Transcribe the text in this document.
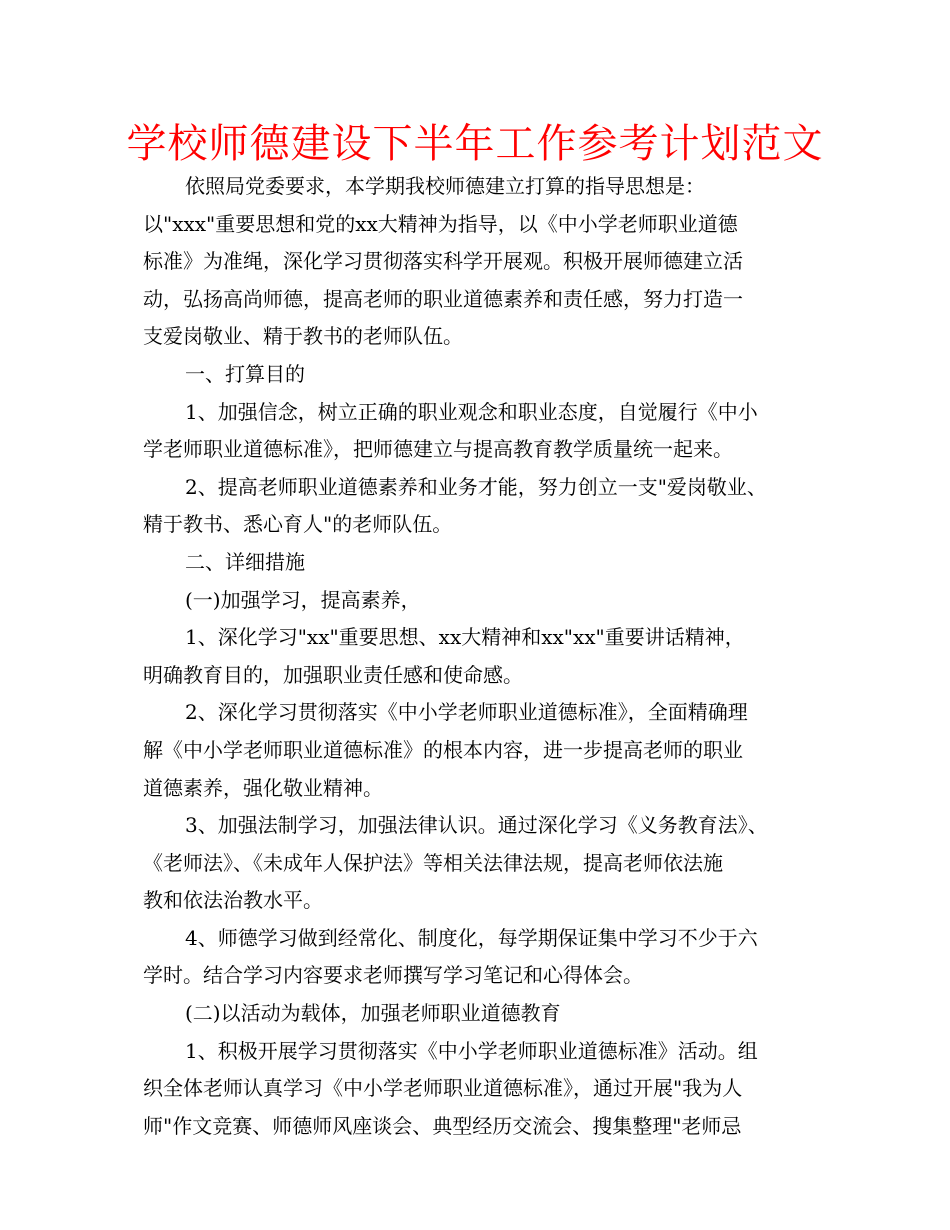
学校师德建设下半年工作参考计划范文
依照局党委要求，本学期我校师德建立打算的指导思想是：
以"xxx"重要思想和党的xx大精神为指导，以《中小学老师职业道德
标准》为准绳，深化学习贯彻落实科学开展观。积极开展师德建立活
动，弘扬高尚师德，提高老师的职业道德素养和责任感，努力打造一
支爱岗敬业、精于教书的老师队伍。
一、打算目的
1、加强信念，树立正确的职业观念和职业态度，自觉履行《中小
学老师职业道德标准》，把师德建立与提高教育教学质量统一起来。
2、提高老师职业道德素养和业务才能，努力创立一支"爱岗敬业、
精于教书、悉心育人"的老师队伍。
二、详细措施
(一)加强学习，提高素养，
1、深化学习"xx"重要思想、xx大精神和xx"xx"重要讲话精神，
明确教育目的，加强职业责任感和使命感。
2、深化学习贯彻落实《中小学老师职业道德标准》，全面精确理
解《中小学老师职业道德标准》的根本内容，进一步提高老师的职业
道德素养，强化敬业精神。
3、加强法制学习，加强法律认识。通过深化学习《义务教育法》、
《老师法》、《未成年人保护法》等相关法律法规，提高老师依法施
教和依法治教水平。
4、师德学习做到经常化、制度化，每学期保证集中学习不少于六
学时。结合学习内容要求老师撰写学习笔记和心得体会。
(二)以活动为载体，加强老师职业道德教育
1、积极开展学习贯彻落实《中小学老师职业道德标准》活动。组
织全体老师认真学习《中小学老师职业道德标准》，通过开展"我为人
师"作文竞赛、师德师风座谈会、典型经历交流会、搜集整理"老师忌
